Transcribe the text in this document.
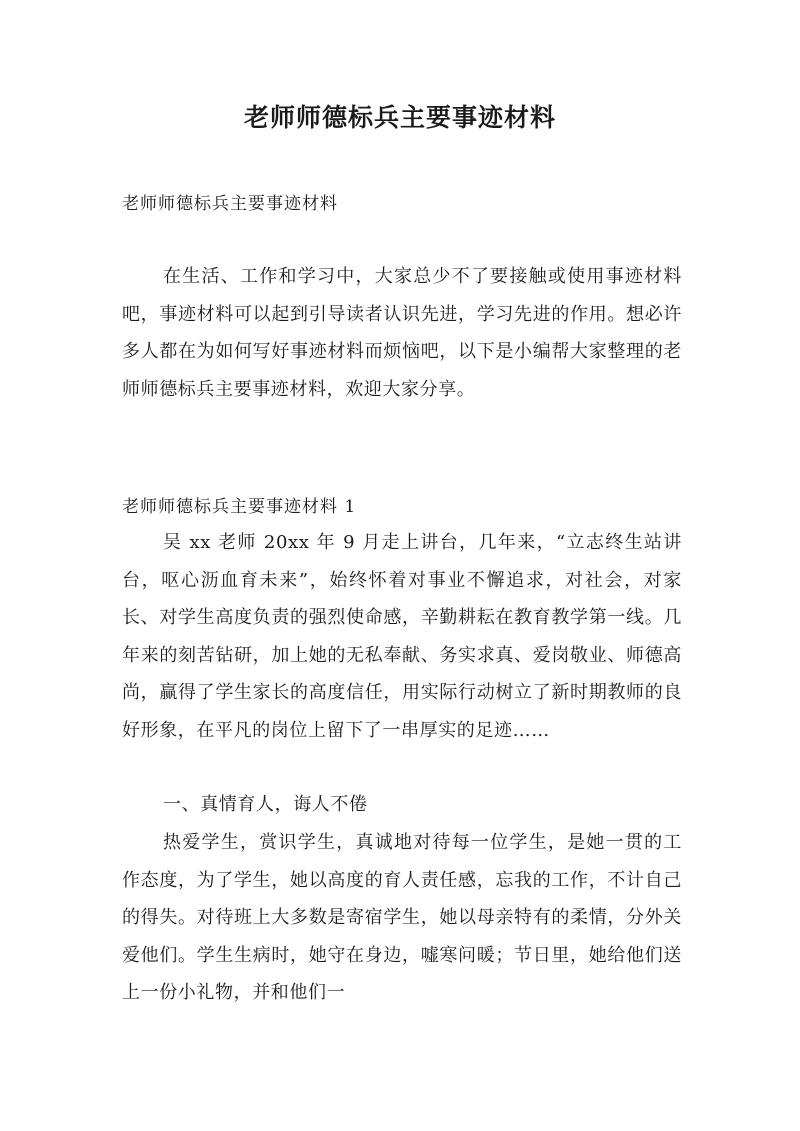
老师师德标兵主要事迹材料
老师师德标兵主要事迹材料

在生活、工作和学习中，大家总少不了要接触或使用事迹材料吧，事迹材料可以起到引导读者认识先进，学习先进的作用。想必许多人都在为如何写好事迹材料而烦恼吧，以下是小编帮大家整理的老师师德标兵主要事迹材料，欢迎大家分享。

老师师德标兵主要事迹材料 1

吴 xx 老师 20xx 年 9 月走上讲台，几年来，“立志终生站讲台，呕心沥血育未来”，始终怀着对事业不懈追求，对社会，对家长、对学生高度负责的强烈使命感，辛勤耕耘在教育教学第一线。几年来的刻苦钻研，加上她的无私奉献、务实求真、爱岗敬业、师德高尚，赢得了学生家长的高度信任，用实际行动树立了新时期教师的良好形象，在平凡的岗位上留下了一串厚实的足迹……

一、真情育人，诲人不倦

热爱学生，赏识学生，真诚地对待每一位学生，是她一贯的工作态度，为了学生，她以高度的育人责任感，忘我的工作，不计自己的得失。对待班上大多数是寄宿学生，她以母亲特有的柔情，分外关爱他们。学生生病时，她守在身边，嘘寒问暖；节日里，她给他们送上一份小礼物，并和他们一
